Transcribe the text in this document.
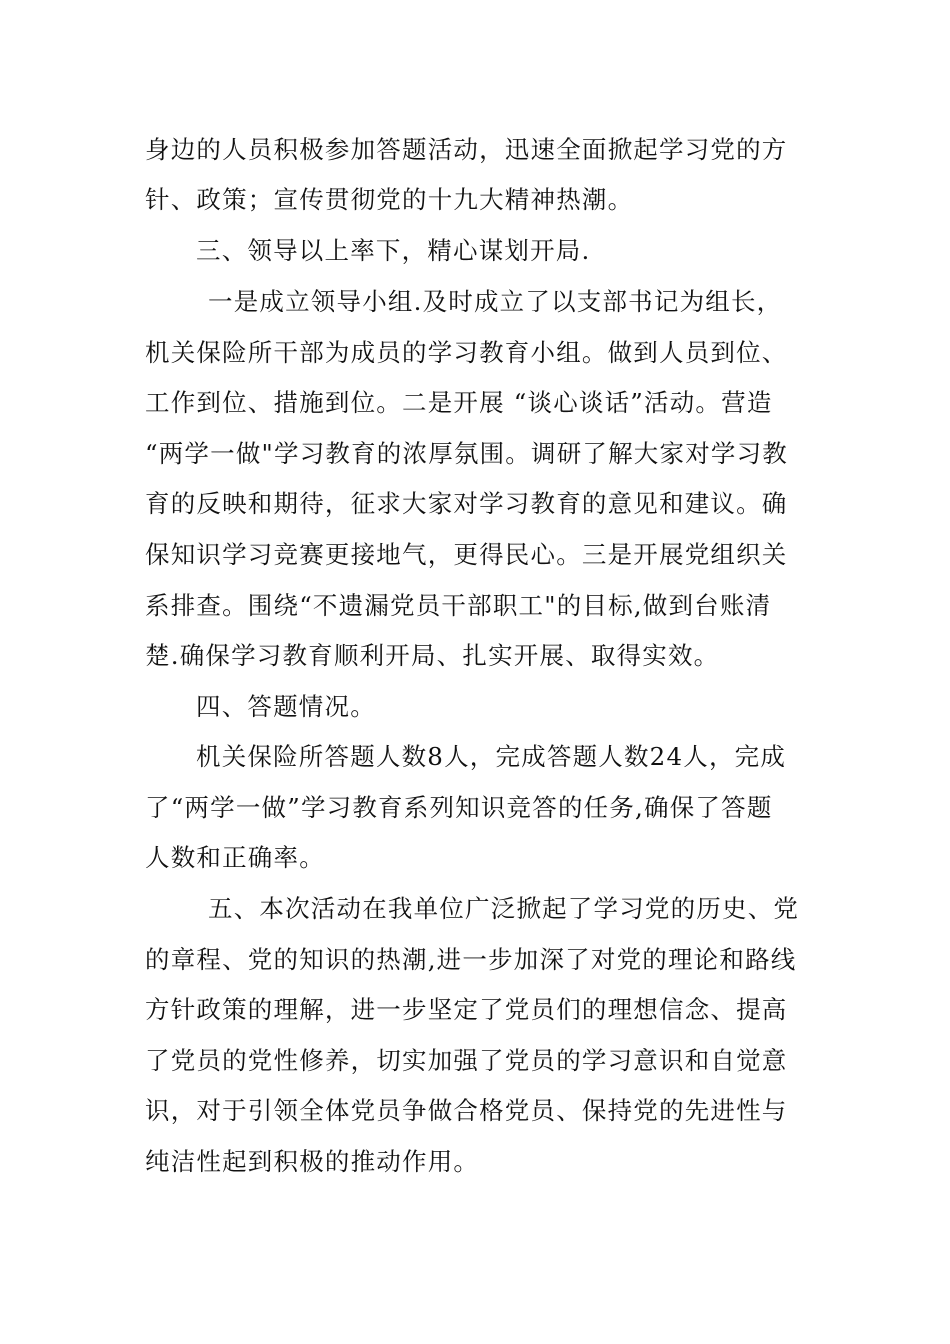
身边的人员积极参加答题活动，迅速全面掀起学习党的方
针、政策；宣传贯彻党的十九大精神热潮。
三、领导以上率下，精心谋划开局.
一是成立领导小组.及时成立了以支部书记为组长，
机关保险所干部为成员的学习教育小组。做到人员到位、
工作到位、措施到位。二是开展 “谈心谈话”活动。营造
“两学一做"学习教育的浓厚氛围。调研了解大家对学习教
育的反映和期待，征求大家对学习教育的意见和建议。确
保知识学习竞赛更接地气，更得民心。三是开展党组织关
系排查。围绕“不遗漏党员干部职工"的目标,做到台账清
楚.确保学习教育顺利开局、扎实开展、取得实效。
四、答题情况。
机关保险所答题人数8人，完成答题人数24人，完成
了“两学一做”学习教育系列知识竞答的任务,确保了答题
人数和正确率。
五、本次活动在我单位广泛掀起了学习党的历史、党
的章程、党的知识的热潮,进一步加深了对党的理论和路线
方针政策的理解，进一步坚定了党员们的理想信念、提高
了党员的党性修养，切实加强了党员的学习意识和自觉意
识，对于引领全体党员争做合格党员、保持党的先进性与
纯洁性起到积极的推动作用。
